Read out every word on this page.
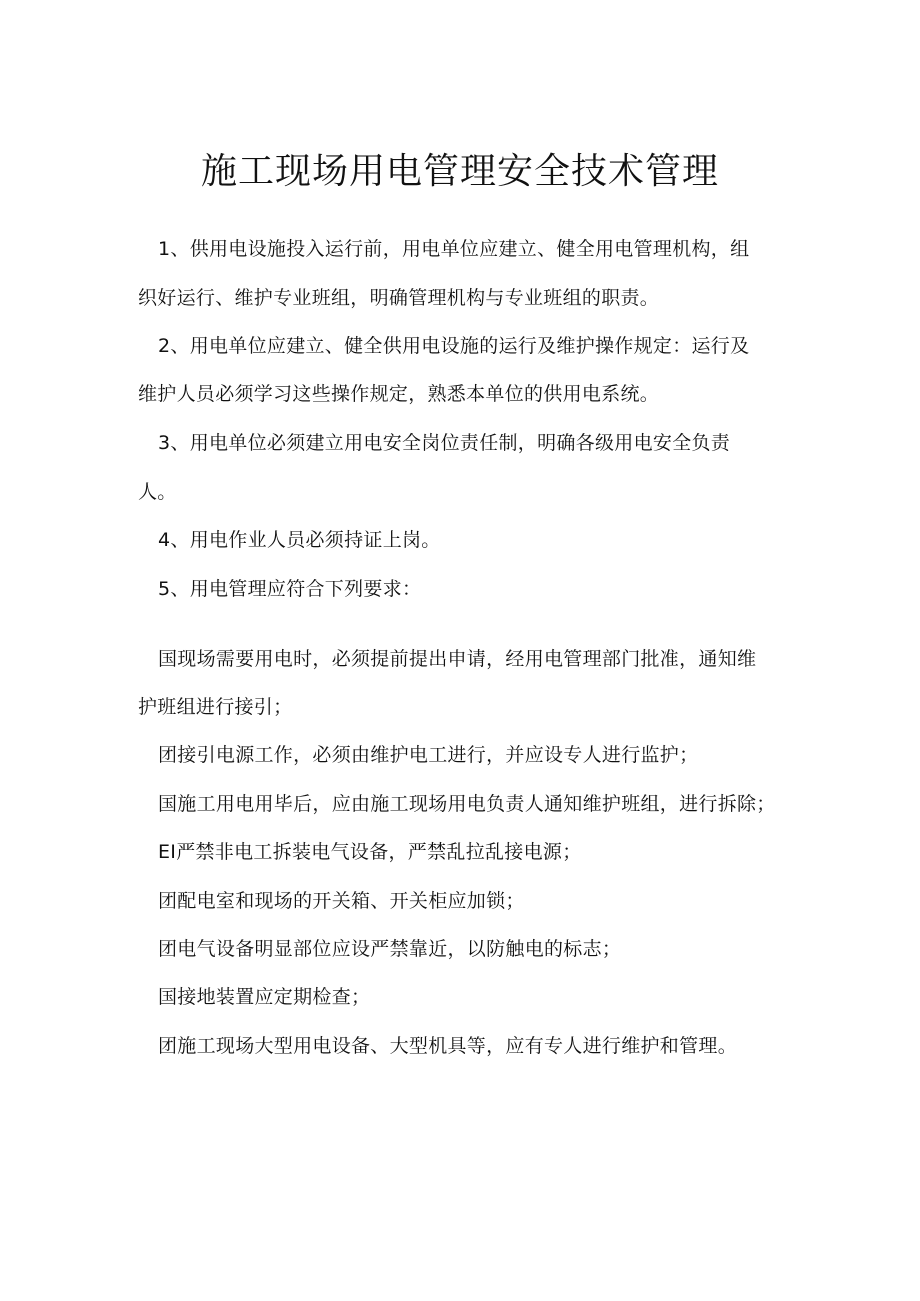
施工现场用电管理安全技术管理
1、供用电设施投入运行前，用电单位应建立、健全用电管理机构，组
织好运行、维护专业班组，明确管理机构与专业班组的职责。
2、用电单位应建立、健全供用电设施的运行及维护操作规定：运行及
维护人员必须学习这些操作规定，熟悉本单位的供用电系统。
3、用电单位必须建立用电安全岗位责任制，明确各级用电安全负责
人。
4、用电作业人员必须持证上岗。
5、用电管理应符合下列要求：
国现场需要用电时，必须提前提出申请，经用电管理部门批准，通知维
护班组进行接引；
团接引电源工作，必须由维护电工进行，并应设专人进行监护；
国施工用电用毕后，应由施工现场用电负责人通知维护班组，进行拆除；
EI严禁非电工拆装电气设备，严禁乱拉乱接电源；
团配电室和现场的开关箱、开关柜应加锁；
团电气设备明显部位应设严禁靠近，以防触电的标志；
国接地装置应定期检查；
团施工现场大型用电设备、大型机具等，应有专人进行维护和管理。
